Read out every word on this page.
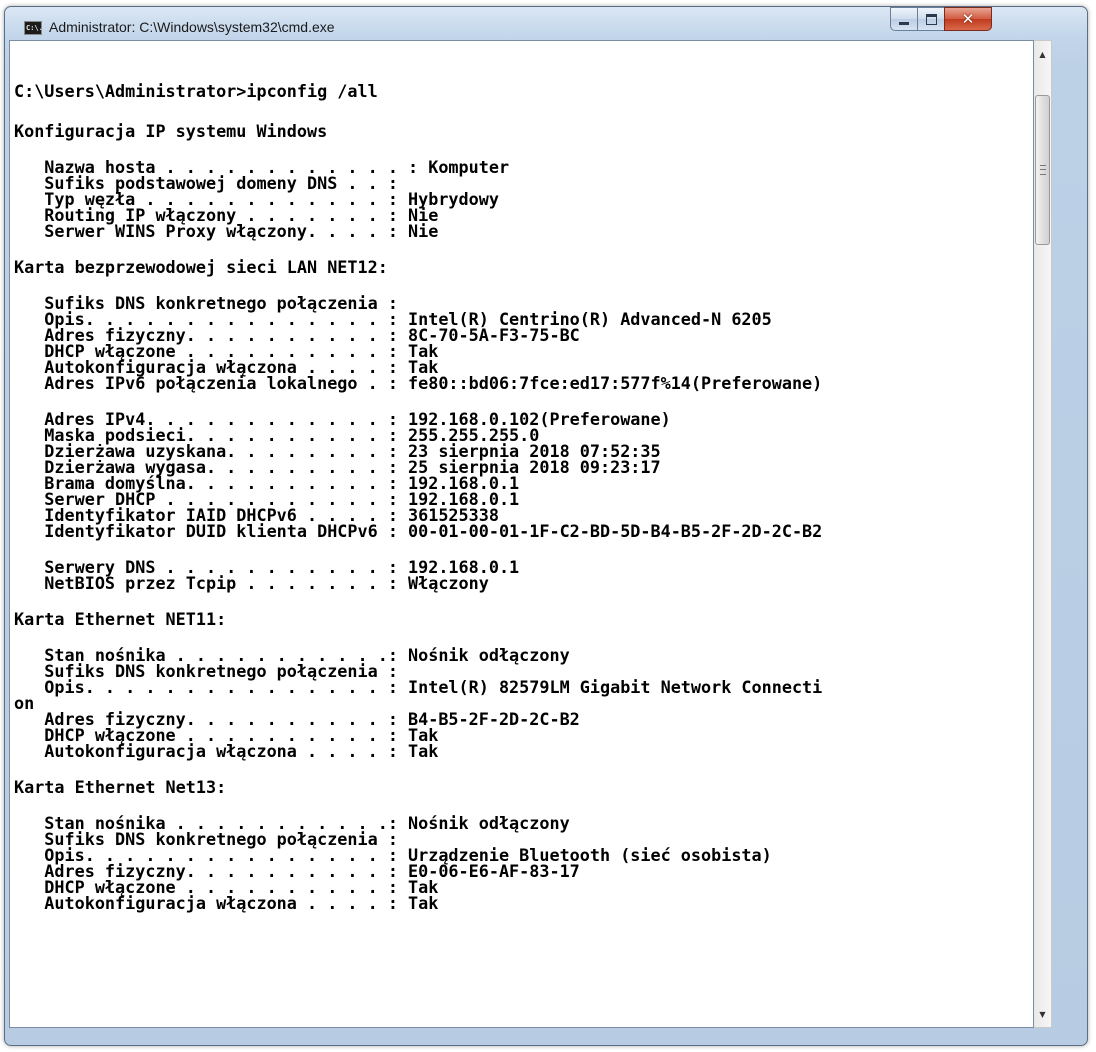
C:\. Administrator: C:\Windows\system32\cmd.exe	✕
C:\Users\Administrator>ipconfig /all
Konfiguracja IP systemu Windows
Nazwa hosta . . . . . . . . . . . . : Komputer
Sufiks podstawowej domeny DNS . . :
Typ węzła . . . . . . . . . . . . : Hybrydowy
Routing IP włączony . . . . . . . : Nie
Serwer WINS Proxy włączony. . . . : Nie
Karta bezprzewodowej sieci LAN NET12:
Sufiks DNS konkretnego połączenia :
Opis. . . . . . . . . . . . . . . : Intel(R) Centrino(R) Advanced-N 6205
Adres fizyczny. . . . . . . . . . : 8C-70-5A-F3-75-BC
DHCP włączone . . . . . . . . . . : Tak
Autokonfiguracja włączona . . . . : Tak
Adres IPv6 połączenia lokalnego . : fe80::bd06:7fce:ed17:577f%14(Preferowane)
Adres IPv4. . . . . . . . . . . . : 192.168.0.102(Preferowane)
Maska podsieci. . . . . . . . . . : 255.255.255.0
Dzierżawa uzyskana. . . . . . . . : 23 sierpnia 2018 07:52:35
Dzierżawa wygasa. . . . . . . . . : 25 sierpnia 2018 09:23:17
Brama domyślna. . . . . . . . . . : 192.168.0.1
Serwer DHCP . . . . . . . . . . . : 192.168.0.1
Identyfikator IAID DHCPv6 . . . . : 361525338
Identyfikator DUID klienta DHCPv6 : 00-01-00-01-1F-C2-BD-5D-B4-B5-2F-2D-2C-B2
Serwery DNS . . . . . . . . . . . : 192.168.0.1
NetBIOS przez Tcpip . . . . . . . : Włączony
Karta Ethernet NET11:
Stan nośnika . . . . . . . . . . .: Nośnik odłączony
Sufiks DNS konkretnego połączenia :
Opis. . . . . . . . . . . . . . . : Intel(R) 82579LM Gigabit Network Connecti
on
Adres fizyczny. . . . . . . . . . : B4-B5-2F-2D-2C-B2
DHCP włączone . . . . . . . . . . : Tak
Autokonfiguracja włączona . . . . : Tak
Karta Ethernet Net13:
Stan nośnika . . . . . . . . . . .: Nośnik odłączony
Sufiks DNS konkretnego połączenia :
Opis. . . . . . . . . . . . . . . : Urządzenie Bluetooth (sieć osobista)
Adres fizyczny. . . . . . . . . . : E0-06-E6-AF-83-17
DHCP włączone . . . . . . . . . . : Tak
Autokonfiguracja włączona . . . . : Tak
▲
▼
